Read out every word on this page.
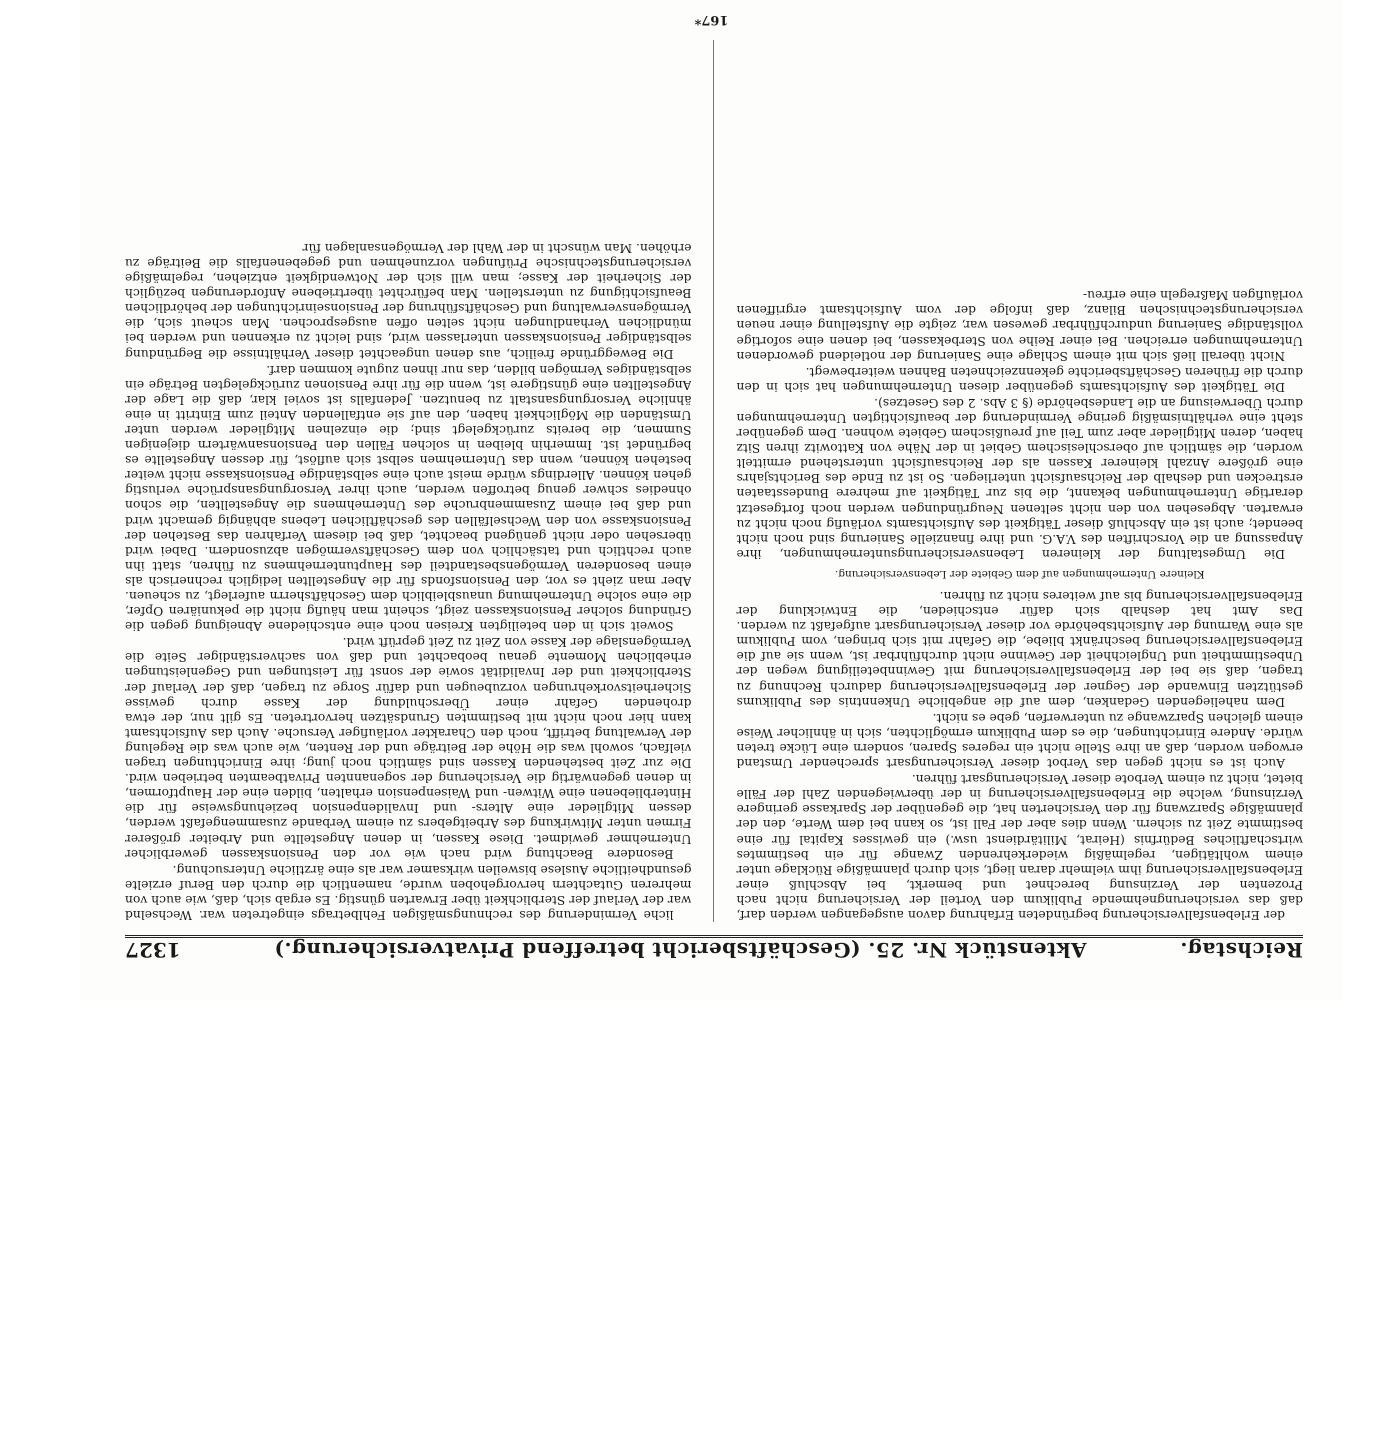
Reichstag.
Aktenstück Nr. 25. (Geschäftsbericht betreffend Privatversicherung.)
1327

der Erlebensfallversicherung begründeten Erfahrung davon ausgegangen werden darf, daß das versicherungnehmende Publikum den Vorteil der Versicherung nicht nach Prozenten der Verzinsung berechnet und bemerkt, bei Abschluß einer Erlebensfallversicherung ihm vielmehr daran liegt, sich durch planmäßige Rücklage unter einem wohltätigen, regelmäßig wiederkehrenden Zwange für ein bestimmtes wirtschaftliches Bedürfnis (Heirat, Militärdienst usw.) ein gewisses Kapital für eine bestimmte Zeit zu sichern. Wenn dies aber der Fall ist, so kann bei dem Werte, den der planmäßige Sparzwang für den Versicherten hat, die gegenüber der Sparkasse geringere Verzinsung, welche die Erlebensfallversicherung in der überwiegenden Zahl der Fälle bietet, nicht zu einem Verbote dieser Versicherungsart führen.

Auch ist es nicht gegen das Verbot dieser Versicherungsart sprechender Umstand erwogen worden, daß an ihre Stelle nicht ein regeres Sparen, sondern eine Lücke treten würde. Andere Einrichtungen, die es dem Publikum ermöglichten, sich in ähnlicher Weise einem gleichen Sparzwange zu unterwerfen, gebe es nicht.

Dem naheliegenden Gedanken, dem auf die angebliche Unkenntnis des Publikums gestützten Einwande der Gegner der Erlebensfallversicherung dadurch Rechnung zu tragen, daß sie bei der Erlebensfallversicherung mit Gewinnbeteiligung wegen der Unbestimmtheit und Ungleichheit der Gewinne nicht durchführbar ist, wenn sie auf die Erlebensfallversicherung beschränkt bliebe, die Gefahr mit sich bringen, vom Publikum als eine Warnung der Aufsichtsbehörde vor dieser Versicherungsart aufgefaßt zu werden. Das Amt hat deshalb sich dafür entschieden, die Entwicklung der Erlebensfallversicherung bis auf weiteres nicht zu führen.

Kleinere Unternehmungen auf dem Gebiete der Lebensversicherung.

Die Umgestaltung der kleineren Lebensversicherungsunternehmungen, ihre Anpassung an die Vorschriften des V.A.G. und ihre finanzielle Sanierung sind noch nicht beendet; auch ist ein Abschluß dieser Tätigkeit des Aufsichtsamts vorläufig noch nicht zu erwarten. Abgesehen von den nicht seltenen Neugründungen werden noch fortgesetzt derartige Unternehmungen bekannt, die bis zur Tätigkeit auf mehrere Bundesstaaten erstrecken und deshalb der Reichsaufsicht unterliegen. So ist zu Ende des Berichtsjahrs eine größere Anzahl kleinerer Kassen als der Reichsaufsicht unterstehend ermittelt worden, die sämtlich auf oberschlesischem Gebiet in der Nähe von Kattowitz ihren Sitz haben, deren Mitglieder aber zum Teil auf preußischem Gebiete wohnen. Dem gegenüber steht eine verhältnismäßig geringe Verminderung der beaufsichtigten Unternehmungen durch Überweisung an die Landesbehörde (§ 3 Abs. 2 des Gesetzes).

Die Tätigkeit des Aufsichtsamts gegenüber diesen Unternehmungen hat sich in den durch die früheren Geschäftsberichte gekennzeichneten Bahnen weiterbewegt.

Nicht überall ließ sich mit einem Schlage eine Sanierung der notleidend gewordenen Unternehmungen erreichen. Bei einer Reihe von Sterbekassen, bei denen eine sofortige vollständige Sanierung undurchführbar gewesen war, zeigte die Aufstellung einer neuen versicherungstechnischen Bilanz, daß infolge der vom Aufsichtsamt ergriffenen vorläufigen Maßregeln eine erfreu-

liche Verminderung des rechnungsmäßigen Fehlbetrags eingetreten war. Wechselnd war der Verlauf der Sterblichkeit über Erwarten günstig. Es ergab sich, daß, wie auch von mehreren Gutachtern hervorgehoben wurde, namentlich die durch den Beruf erzielte gesundheitliche Auslese bisweilen wirksamer war als eine ärztliche Untersuchung.

Besondere Beachtung wird nach wie vor den Pensionskassen gewerblicher Unternehmer gewidmet. Diese Kassen, in denen Angestellte und Arbeiter größerer Firmen unter Mitwirkung des Arbeitgebers zu einem Verbande zusammengefaßt werden, dessen Mitglieder eine Alters- und Invalidenpension beziehungsweise für die Hinterbliebenen eine Witwen- und Waisenpension erhalten, bilden eine der Hauptformen, in denen gegenwärtig die Versicherung der sogenannten Privatbeamten betrieben wird. Die zur Zeit bestehenden Kassen sind sämtlich noch jung; ihre Einrichtungen tragen vielfach, sowohl was die Höhe der Beiträge und der Renten, wie auch was die Regelung der Verwaltung betrifft, noch den Charakter vorläufiger Versuche. Auch das Aufsichtsamt kann hier noch nicht mit bestimmten Grundsätzen hervortreten. Es gilt nur, der etwa drohenden Gefahr einer Überschuldung der Kasse durch gewisse Sicherheitsvorkehrungen vorzubeugen und dafür Sorge zu tragen, daß der Verlauf der Sterblichkeit und der Invalidität sowie der sonst für Leistungen und Gegenleistungen erheblichen Momente genau beobachtet und daß von sachverständiger Seite die Vermögenslage der Kasse von Zeit zu Zeit geprüft wird.

Soweit sich in den beteiligten Kreisen noch eine entschiedene Abneigung gegen die Gründung solcher Pensionskassen zeigt, scheint man häufig nicht die pekuniären Opfer, die eine solche Unternehmung unausbleiblich dem Geschäftsherrn auferlegt, zu scheuen. Aber man zieht es vor, den Pensionsfonds für die Angestellten lediglich rechnerisch als einen besonderen Vermögensbestandteil des Hauptunternehmens zu führen, statt ihn auch rechtlich und tatsächlich von dem Geschäftsvermögen abzusondern. Dabei wird übersehen oder nicht genügend beachtet, daß bei diesem Verfahren das Bestehen der Pensionskasse von den Wechselfällen des geschäftlichen Lebens abhängig gemacht wird und daß bei einem Zusammenbruche des Unternehmens die Angestellten, die schon ohnedies schwer genug betroffen werden, auch ihrer Versorgungsansprüche verlustig gehen können. Allerdings würde meist auch eine selbständige Pensionskasse nicht weiter bestehen können, wenn das Unternehmen selbst sich auflöst, für dessen Angestellte es begründet ist. Immerhin bleiben in solchen Fällen den Pensionsanwärtern diejenigen Summen, die bereits zurückgelegt sind; die einzelnen Mitglieder werden unter Umständen die Möglichkeit haben, den auf sie entfallenden Anteil zum Eintritt in eine ähnliche Versorgungsanstalt zu benutzen. Jedenfalls ist soviel klar, daß die Lage der Angestellten eine günstigere ist, wenn die für ihre Pensionen zurückgelegten Beträge ein selbständiges Vermögen bilden, das nur ihnen zugute kommen darf.

Die Beweggründe freilich, aus denen ungeachtet dieser Verhältnisse die Begründung selbständiger Pensionskassen unterlassen wird, sind leicht zu erkennen und werden bei mündlichen Verhandlungen nicht selten offen ausgesprochen. Man scheut sich, die Vermögensverwaltung und Geschäftsführung der Pensionseinrichtungen der behördlichen Beaufsichtigung zu unterstellen. Man befürchtet übertriebene Anforderungen bezüglich der Sicherheit der Kasse; man will sich der Notwendigkeit entziehen, regelmäßige versicherungstechnische Prüfungen vorzunehmen und gegebenenfalls die Beiträge zu erhöhen. Man wünscht in der Wahl der Vermögensanlagen für

167*
